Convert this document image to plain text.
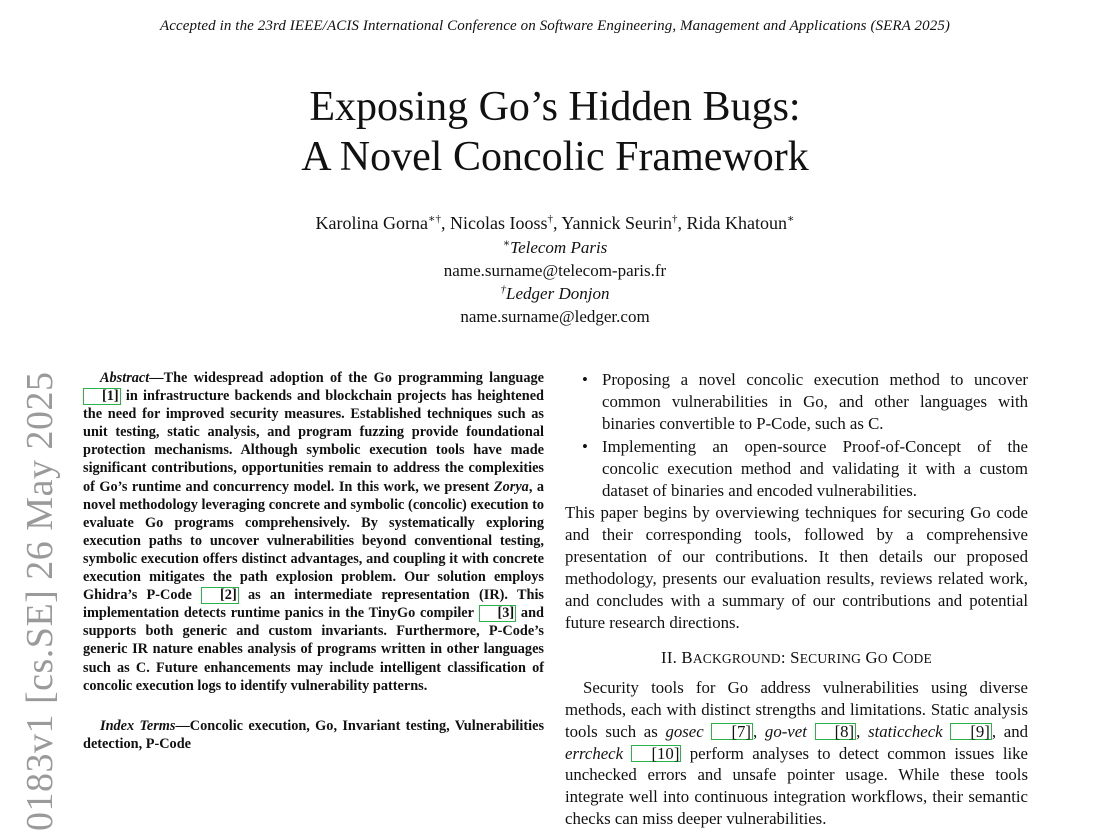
Accepted in the 23rd IEEE/ACIS International Conference on Software Engineering, Management and Applications (SERA 2025)
Exposing Go’s Hidden Bugs:
A Novel Concolic Framework
Karolina Gorna∗†, Nicolas Iooss†, Yannick Seurin†, Rida Khatoun∗
∗Telecom Paris
name.surname@telecom-paris.fr
†Ledger Donjon
name.surname@ledger.com
0183v1 [cs.SE] 26 May 2025	Abstract—The widespread adoption of the Go programming language [1] in infrastructure backends and blockchain projects has heightened the need for improved security measures. Established techniques such as unit testing, static analysis, and program fuzzing provide foundational protection mechanisms. Although symbolic execution tools have made significant contributions, opportunities remain to address the complexities of Go’s runtime and concurrency model. In this work, we present Zorya, a novel methodology leveraging concrete and symbolic (concolic) execution to evaluate Go programs comprehensively. By systematically exploring execution paths to uncover vulnerabilities beyond conventional testing, symbolic execution offers distinct advantages, and coupling it with concrete execution mitigates the path explosion problem. Our solution employs Ghidra’s P-Code [2] as an intermediate representation (IR). This implementation detects runtime panics in the TinyGo compiler [3] and supports both generic and custom invariants. Furthermore, P-Code’s generic IR nature enables analysis of programs written in other languages such as C. Future enhancements may include intelligent classification of concolic execution logs to identify vulnerability patterns.

Index Terms—Concolic execution, Go, Invariant testing, Vulnerabilities detection, P-Code

• Proposing a novel concolic execution method to uncover common vulnerabilities in Go, and other languages with binaries convertible to P-Code, such as C.
• Implementing an open-source Proof-of-Concept of the concolic execution method and validating it with a custom dataset of binaries and encoded vulnerabilities.

This paper begins by overviewing techniques for securing Go code and their corresponding tools, followed by a comprehensive presentation of our contributions. It then details our proposed methodology, presents our evaluation results, reviews related work, and concludes with a summary of our contributions and potential future research directions.

II. BACKGROUND: SECURING GO CODE

Security tools for Go address vulnerabilities using diverse methods, each with distinct strengths and limitations. Static analysis tools such as gosec [7] , go-vet [8] , staticcheck [9] , and errcheck [10] perform analyses to detect common issues like unchecked errors and unsafe pointer usage. While these tools integrate well into continuous integration workflows, their semantic checks can miss deeper vulnerabilities.
